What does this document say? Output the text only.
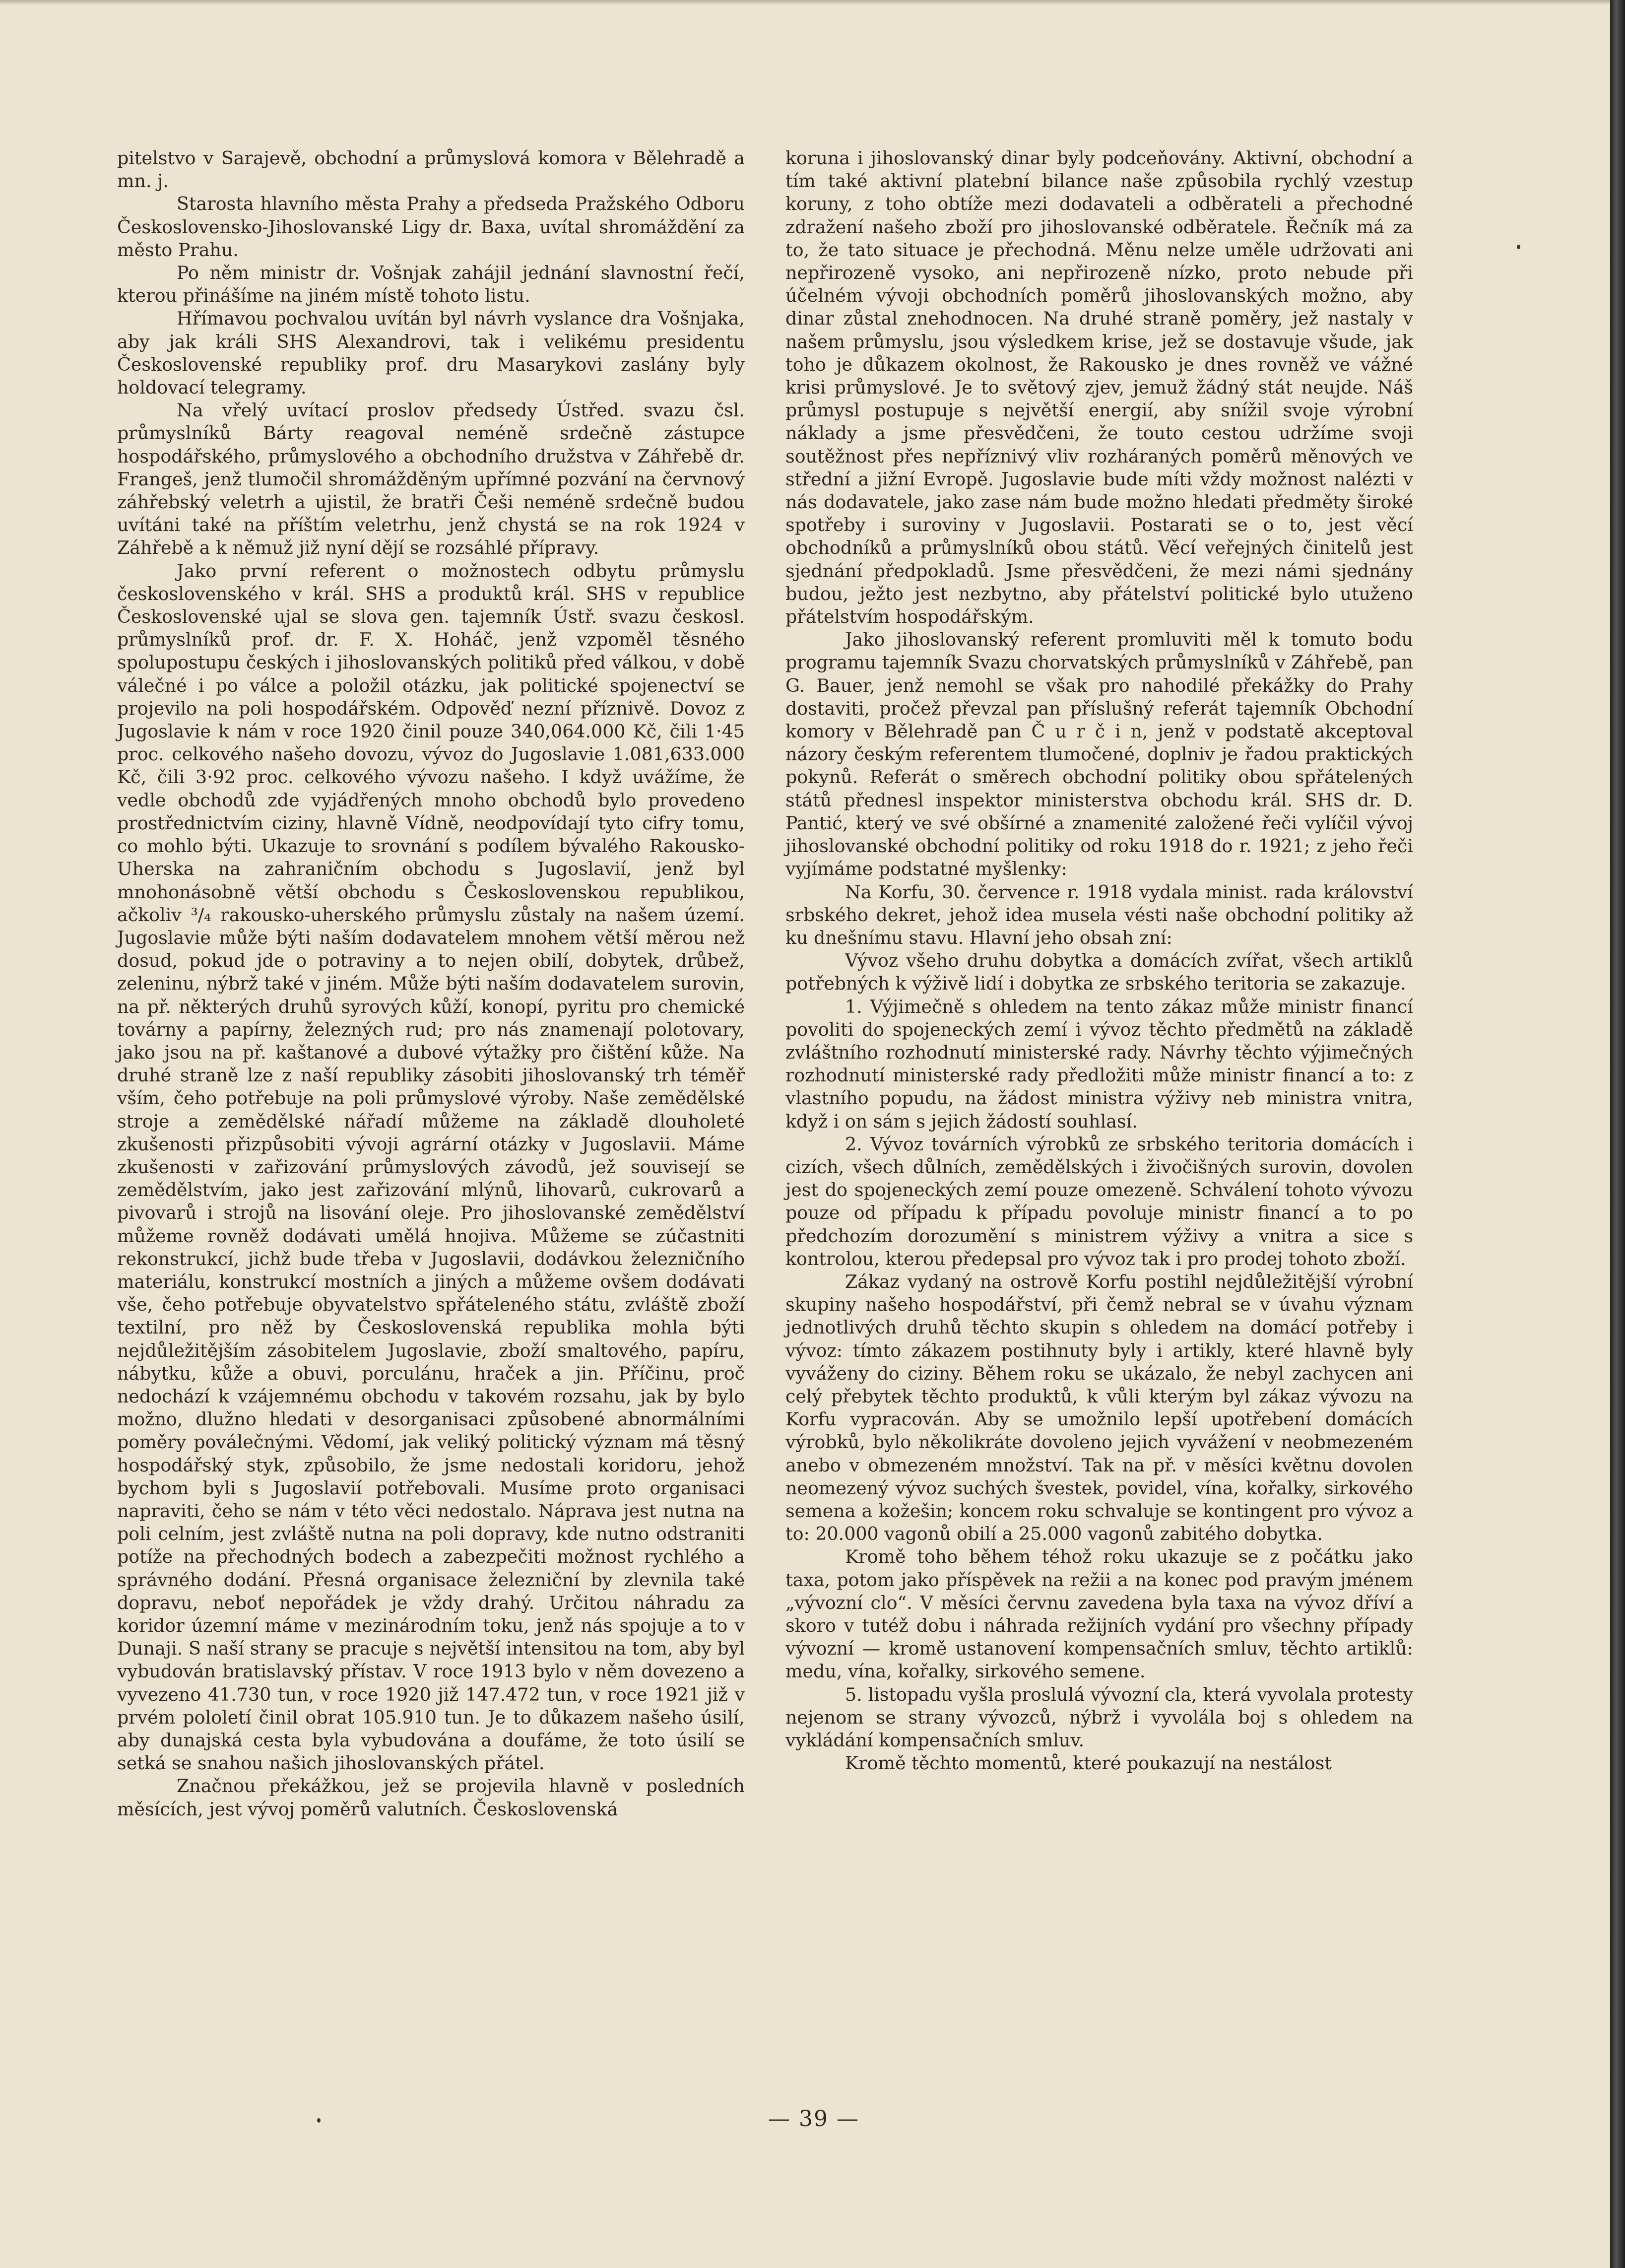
pitelstvo v Sarajevě, obchodní a průmyslová komora v Bělehradě a mn. j.

Starosta hlavního města Prahy a předseda Pražského Odboru Československo-Jihoslovanské Ligy dr. Baxa, uvítal shromáždění za město Prahu.

Po něm ministr dr. Vošnjak zahájil jednání slavnostní řečí, kterou přinášíme na jiném místě tohoto listu.

Hřímavou pochvalou uvítán byl návrh vyslance dra Vošnjaka, aby jak králi SHS Alexandrovi, tak i velikému presidentu Československé republiky prof. dru Masarykovi zaslány byly holdovací telegramy.

Na vřelý uvítací proslov předsedy Ústřed. svazu čsl. průmyslníků Bárty reagoval neméně srdečně zástupce hospodářského, průmyslového a obchodního družstva v Záhřebě dr. Frangeš, jenž tlumočil shromážděným upřímné pozvání na červnový záhřebský veletrh a ujistil, že bratři Češi neméně srdečně budou uvítáni také na příštím veletrhu, jenž chystá se na rok 1924 v Záhřebě a k němuž již nyní dějí se rozsáhlé přípravy.

Jako první referent o možnostech odbytu průmyslu československého v král. SHS a produktů král. SHS v republice Československé ujal se slova gen. tajemník Ústř. svazu českosl. průmyslníků prof. dr. F. X. Hoháč, jenž vzpoměl těsného spolupostupu českých i jihoslovanských politiků před válkou, v době válečné i po válce a položil otázku, jak politické spojenectví se projevilo na poli hospodářském. Odpověď nezní příznivě. Dovoz z Jugoslavie k nám v roce 1920 činil pouze 340,064.000 Kč, čili 1·45 proc. celkového našeho dovozu, vývoz do Jugoslavie 1.081,633.000 Kč, čili 3·92 proc. celkového vývozu našeho. I když uvážíme, že vedle obchodů zde vyjádřených mnoho obchodů bylo provedeno prostřednictvím ciziny, hlavně Vídně, neodpovídají tyto cifry tomu, co mohlo býti. Ukazuje to srovnání s podílem bývalého Rakousko-Uherska na zahraničním obchodu s Jugoslavií, jenž byl mnohonásobně větší obchodu s Československou republikou, ačkoliv ³/₄ rakousko-uherského průmyslu zůstaly na našem území. Jugoslavie může býti naším dodavatelem mnohem větší měrou než dosud, pokud jde o potraviny a to nejen obilí, dobytek, drůbež, zeleninu, nýbrž také v jiném. Může býti naším dodavatelem surovin, na př. některých druhů syrových kůží, konopí, pyritu pro chemické továrny a papírny, železných rud; pro nás znamenají polotovary, jako jsou na př. kaštanové a dubové výtažky pro čištění kůže. Na druhé straně lze z naší republiky zásobiti jihoslovanský trh téměř vším, čeho potřebuje na poli průmyslové výroby. Naše zemědělské stroje a zemědělské nářadí můžeme na základě dlouholeté zkušenosti přizpůsobiti vývoji agrární otázky v Jugoslavii. Máme zkušenosti v zařizování průmyslových závodů, jež souvisejí se zemědělstvím, jako jest zařizování mlýnů, lihovarů, cukrovarů a pivovarů i strojů na lisování oleje. Pro jihoslovanské zemědělství můžeme rovněž dodávati umělá hnojiva. Můžeme se zúčastniti rekonstrukcí, jichž bude třeba v Jugoslavii, dodávkou železničního materiálu, konstrukcí mostních a jiných a můžeme ovšem dodávati vše, čeho potřebuje obyvatelstvo spřáteleného státu, zvláště zboží textilní, pro něž by Československá republika mohla býti nejdůležitějším zásobitelem Jugoslavie, zboží smaltového, papíru, nábytku, kůže a obuvi, porculánu, hraček a jin. Příčinu, proč nedochází k vzájemnému obchodu v takovém rozsahu, jak by bylo možno, dlužno hledati v desorganisaci způsobené abnormálními poměry poválečnými. Vědomí, jak veliký politický význam má těsný hospodářský styk, způsobilo, že jsme nedostali koridoru, jehož bychom byli s Jugoslavií potřebovali. Musíme proto organisaci napraviti, čeho se nám v této věci nedostalo. Náprava jest nutna na poli celním, jest zvláště nutna na poli dopravy, kde nutno odstraniti potíže na přechodných bodech a zabezpečiti možnost rychlého a správného dodání. Přesná organisace železniční by zlevnila také dopravu, neboť nepořádek je vždy drahý. Určitou náhradu za koridor územní máme v mezinárodním toku, jenž nás spojuje a to v Dunaji. S naší strany se pracuje s největší intensitou na tom, aby byl vybudován bratislavský přístav. V roce 1913 bylo v něm dovezeno a vyvezeno 41.730 tun, v roce 1920 již 147.472 tun, v roce 1921 již v prvém pololetí činil obrat 105.910 tun. Je to důkazem našeho úsilí, aby dunajská cesta byla vybudována a doufáme, že toto úsilí se setká se snahou našich jihoslovanských přátel.

Značnou překážkou, jež se projevila hlavně v posledních měsících, jest vývoj poměrů valutních. Československá

koruna i jihoslovanský dinar byly podceňovány. Aktivní, obchodní a tím také aktivní platební bilance naše způsobila rychlý vzestup koruny, z toho obtíže mezi dodavateli a odběrateli a přechodné zdražení našeho zboží pro jihoslovanské odběratele. Řečník má za to, že tato situace je přechodná. Měnu nelze uměle udržovati ani nepřirozeně vysoko, ani nepřirozeně nízko, proto nebude při účelném vývoji obchodních poměrů jihoslovanských možno, aby dinar zůstal znehodnocen. Na druhé straně poměry, jež nastaly v našem průmyslu, jsou výsledkem krise, jež se dostavuje všude, jak toho je důkazem okolnost, že Rakousko je dnes rovněž ve vážné krisi průmyslové. Je to světový zjev, jemuž žádný stát neujde. Náš průmysl postupuje s největší energií, aby snížil svoje výrobní náklady a jsme přesvědčeni, že touto cestou udržíme svoji soutěžnost přes nepříznivý vliv rozháraných poměrů měnových ve střední a jižní Evropě. Jugoslavie bude míti vždy možnost nalézti v nás dodavatele, jako zase nám bude možno hledati předměty široké spotřeby i suroviny v Jugoslavii. Postarati se o to, jest věcí obchodníků a průmyslníků obou států. Věcí veřejných činitelů jest sjednání předpokladů. Jsme přesvědčeni, že mezi námi sjednány budou, ježto jest nezbytno, aby přátelství politické bylo utuženo přátelstvím hospodářským.

Jako jihoslovanský referent promluviti měl k tomuto bodu programu tajemník Svazu chorvatských průmyslníků v Záhřebě, pan G. Bauer, jenž nemohl se však pro nahodilé překážky do Prahy dostaviti, pročež převzal pan příslušný referát tajemník Obchodní komory v Bělehradě pan Č u r č i n, jenž v podstatě akceptoval názory českým referentem tlumočené, doplniv je řadou praktických pokynů. Referát o směrech obchodní politiky obou spřátelených států přednesl inspektor ministerstva obchodu král. SHS dr. D. Pantić, který ve své obšírné a znamenité založené řeči vylíčil vývoj jihoslovanské obchodní politiky od roku 1918 do r. 1921; z jeho řeči vyjímáme podstatné myšlenky:

Na Korfu, 30. července r. 1918 vydala minist. rada království srbského dekret, jehož idea musela vésti naše obchodní politiky až ku dnešnímu stavu. Hlavní jeho obsah zní:

Vývoz všeho druhu dobytka a domácích zvířat, všech artiklů potřebných k výživě lidí i dobytka ze srbského teritoria se zakazuje.

1. Výjimečně s ohledem na tento zákaz může ministr financí povoliti do spojeneckých zemí i vývoz těchto předmětů na základě zvláštního rozhodnutí ministerské rady. Návrhy těchto výjimečných rozhodnutí ministerské rady předložiti může ministr financí a to: z vlastního popudu, na žádost ministra výživy neb ministra vnitra, když i on sám s jejich žádostí souhlasí.

2. Vývoz továrních výrobků ze srbského teritoria domácích i cizích, všech důlních, zemědělských i živočišných surovin, dovolen jest do spojeneckých zemí pouze omezeně. Schválení tohoto vývozu pouze od případu k případu povoluje ministr financí a to po předchozím dorozumění s ministrem výživy a vnitra a sice s kontrolou, kterou předepsal pro vývoz tak i pro prodej tohoto zboží.

Zákaz vydaný na ostrově Korfu postihl nejdůležitější výrobní skupiny našeho hospodářství, při čemž nebral se v úvahu význam jednotlivých druhů těchto skupin s ohledem na domácí potřeby i vývoz: tímto zákazem postihnuty byly i artikly, které hlavně byly vyváženy do ciziny. Během roku se ukázalo, že nebyl zachycen ani celý přebytek těchto produktů, k vůli kterým byl zákaz vývozu na Korfu vypracován. Aby se umožnilo lepší upotřebení domácích výrobků, bylo několikráte dovoleno jejich vyvážení v neobmezeném anebo v obmezeném množství. Tak na př. v měsíci květnu dovolen neomezený vývoz suchých švestek, povidel, vína, kořalky, sirkového semena a kožešin; koncem roku schvaluje se kontingent pro vývoz a to: 20.000 vagonů obilí a 25.000 vagonů zabitého dobytka.

Kromě toho během téhož roku ukazuje se z počátku jako taxa, potom jako příspěvek na režii a na konec pod pravým jménem „vývozní clo“. V měsíci červnu zavedena byla taxa na vývoz dříví a skoro v tutéž dobu i náhrada režijních vydání pro všechny případy vývozní — kromě ustanovení kompensačních smluv, těchto artiklů: medu, vína, kořalky, sirkového semene.

5. listopadu vyšla proslulá vývozní cla, která vyvolala protesty nejenom se strany vývozců, nýbrž i vyvolála boj s ohledem na vykládání kompensačních smluv.

Kromě těchto momentů, které poukazují na nestálost

— 39 —
